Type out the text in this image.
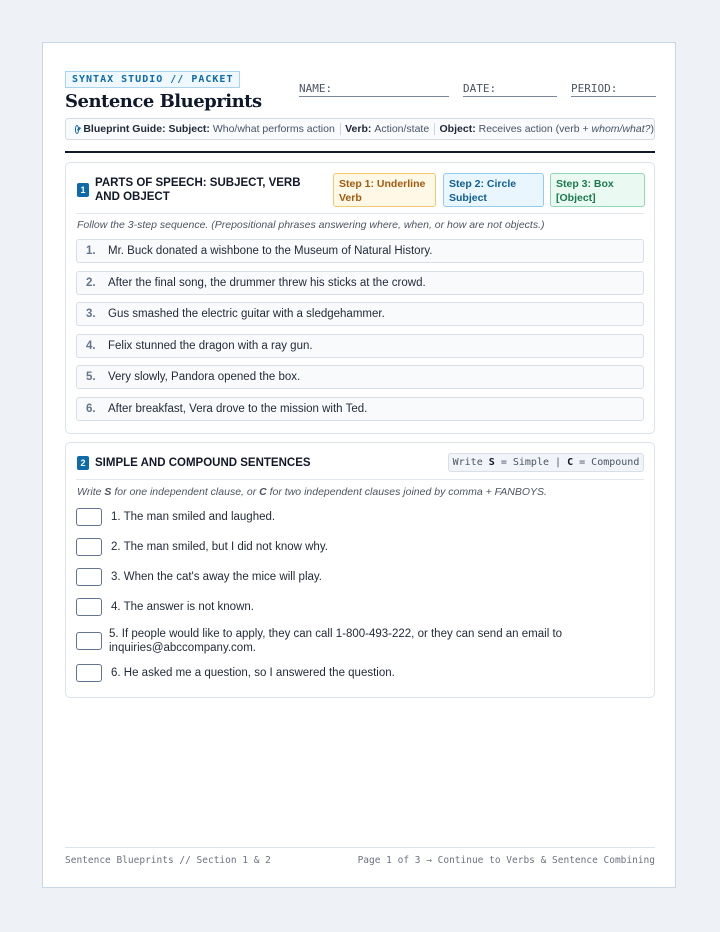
SYNTAX STUDIO // PACKET
Sentence Blueprints
NAME:	DATE:	PERIOD:
Blueprint Guide:
Subject:
Who/what performs action Verb:
Action/state Object:
Receives action (verb + whom/what? )
1
PARTS OF SPEECH: SUBJECT, VERB AND OBJECT
Step 1: Underline Verb
Step 2: Circle Subject
Step 3: Box [Object]
Follow the 3-step sequence. (Prepositional phrases answering where, when, or how are not objects.)
1.	Mr. Buck donated a wishbone to the Museum of Natural History.
2.	After the final song, the drummer threw his sticks at the crowd.
3.	Gus smashed the electric guitar with a sledgehammer.
4.	Felix stunned the dragon with a ray gun.
5.	Very slowly, Pandora opened the box.
6.	After breakfast, Vera drove to the mission with Ted.
2 SIMPLE AND COMPOUND SENTENCES	Write
S
= Simple |
C
= Compound
Write S for one independent clause, or C for two independent clauses joined by comma + FANBOYS.
1. The man smiled and laughed.
2. The man smiled, but I did not know why.
3. When the cat's away the mice will play.
4. The answer is not known.
5. If people would like to apply, they can call 1-800-493-222, or they can send an email to inquiries@abccompany.com.
6. He asked me a question, so I answered the question.
Sentence Blueprints // Section 1 & 2	Page 1 of 3 → Continue to Verbs & Sentence Combining
